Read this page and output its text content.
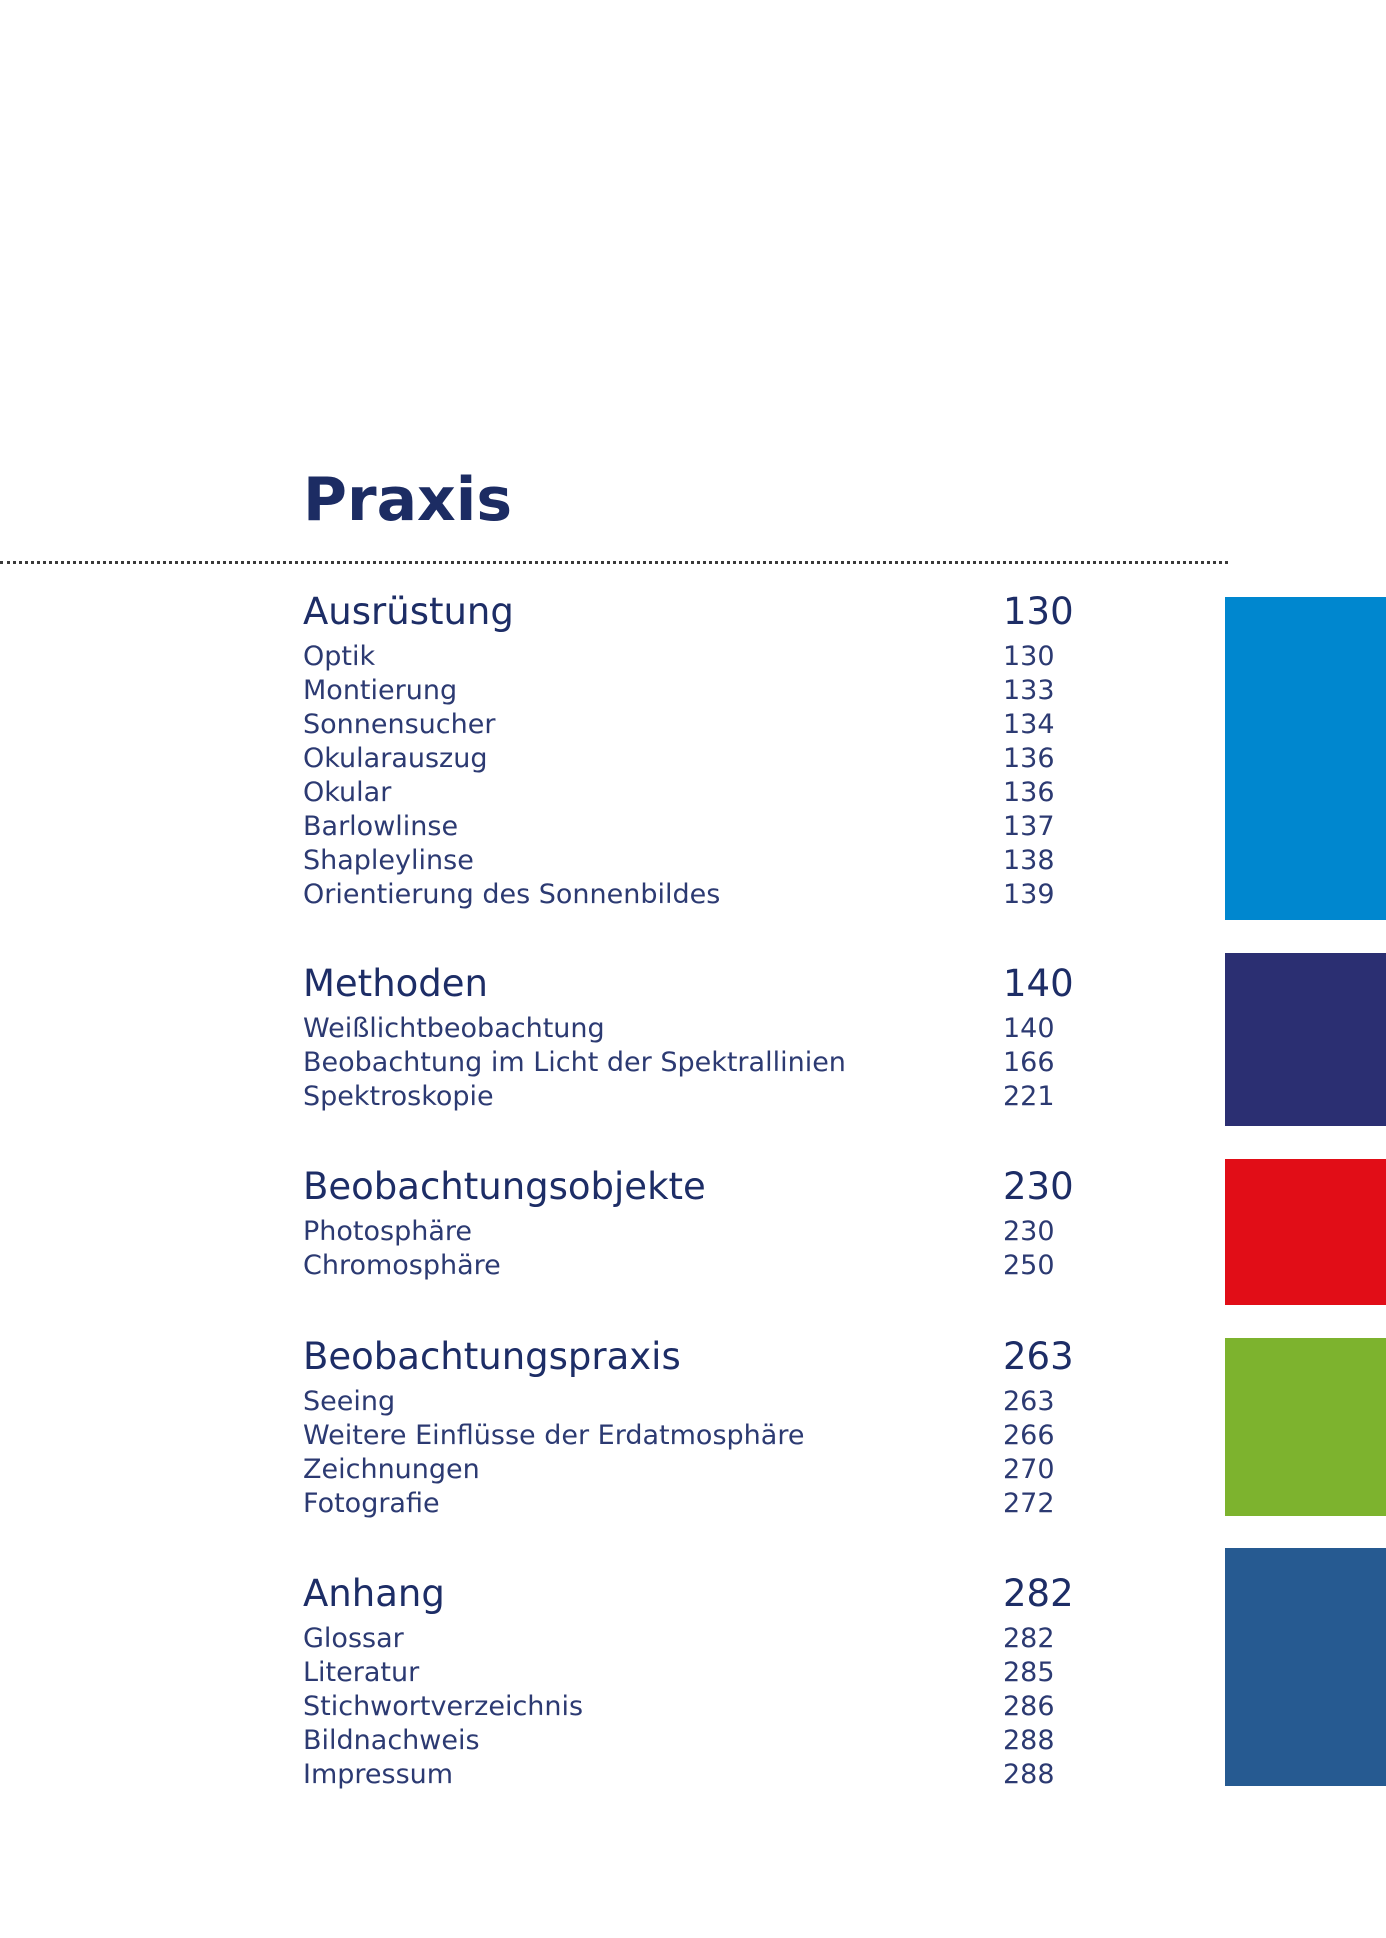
Praxis
Ausrüstung	130
Optik	130
Montierung	133
Sonnensucher	134
Okularauszug	136
Okular	136
Barlowlinse	137
Shapleylinse	138
Orientierung des Sonnenbildes	139
Methoden	140
Weißlichtbeobachtung	140
Beobachtung im Licht der Spektrallinien	166
Spektroskopie	221
Beobachtungsobjekte	230
Photosphäre	230
Chromosphäre	250
Beobachtungspraxis	263
Seeing	263
Weitere Einflüsse der Erdatmosphäre	266
Zeichnungen	270
Fotografie	272
Anhang	282
Glossar	282
Literatur	285
Stichwortverzeichnis	286
Bildnachweis	288
Impressum	288
